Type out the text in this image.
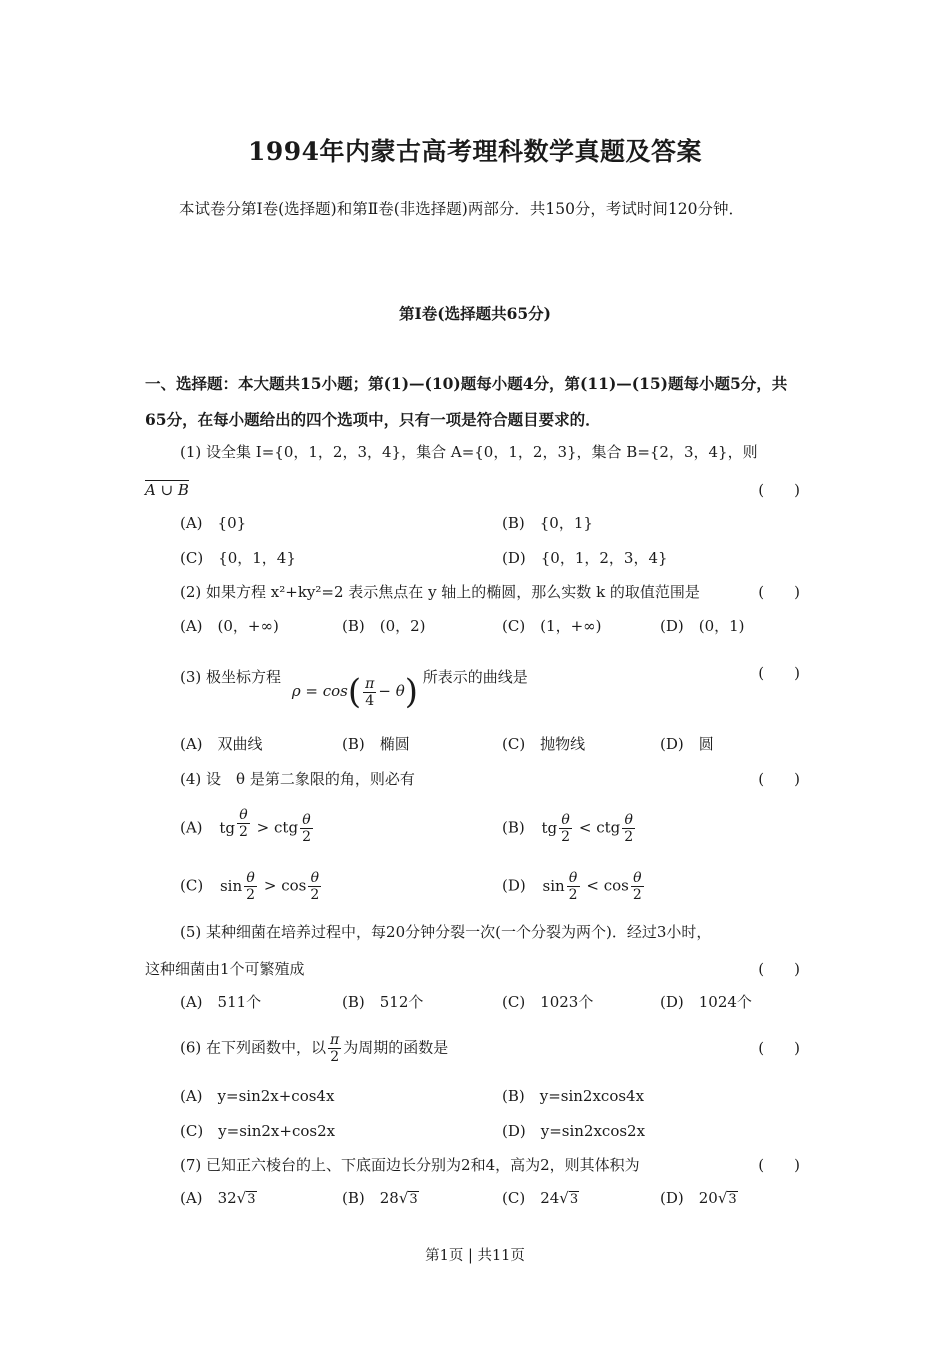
1994年内蒙古高考理科数学真题及答案

本试卷分第Ⅰ卷(选择题)和第Ⅱ卷(非选择题)两部分．共150分，考试时间120分钟．

第Ⅰ卷(选择题共65分)
一、选择题：本大题共15小题；第(1)—(10)题每小题4分，第(11)—(15)题每小题5分，共65分，在每小题给出的四个选项中，只有一项是符合题目要求的．
(1) 设全集 I={0，1，2，3，4}，集合 A={0，1，2，3}，集合 B={2，3，4}，则
A ∪ B	(　　)
(A)　{0}	(B)　{0，1}
(C)　{0，1，4}	(D)　{0，1，2，3，4}
(2) 如果方程 x²+ky²=2 表示焦点在 y 轴上的椭圆，那么实数 k 的取值范围是	(　　)
(A)　(0，+∞)	(B)　(0，2)	(C)　(1，+∞)	(D)　(0，1)
(3) 极坐标方程 $\rho = \cos( \frac{\pi}{4} - \theta)$ 所表示的曲线是	(　　)
(A)　双曲线	(B)　椭圆	(C)　抛物线	(D)　圆
(4) 设　θ 是第二象限的角，则必有	(　　)
(A) tg $\frac{\theta}{2}$ > ctg $\frac{\theta}{2}$	(B) tg $\frac{\theta}{2}$ < ctg $\frac{\theta}{2}$
(C) $\sin \frac{\theta}{2} > \cos \frac{\theta}{2}$	(D) $\sin \frac{\theta}{2} < \cos \frac{\theta}{2}$
(5) 某种细菌在培养过程中，每20分钟分裂一次(一个分裂为两个)．经过3小时，
这种细菌由1个可繁殖成	(　　)
(A)　511个	(B)　512个	(C)　1023个	(D)　1024个
(6) 在下列函数中，以 $\frac{\pi}{2}$ 为周期的函数是	(　　)
(A)　y=sin2x+cos4x	(B)　y=sin2xcos4x
(C)　y=sin2x+cos2x	(D)　y=sin2xcos2x
(7) 已知正六棱台的上、下底面边长分别为2和4，高为2，则其体积为	(　　)
(A)　 32√3	(B)　 28√3	(C)　 24√3	(D)　 20√3
第1页 | 共11页
